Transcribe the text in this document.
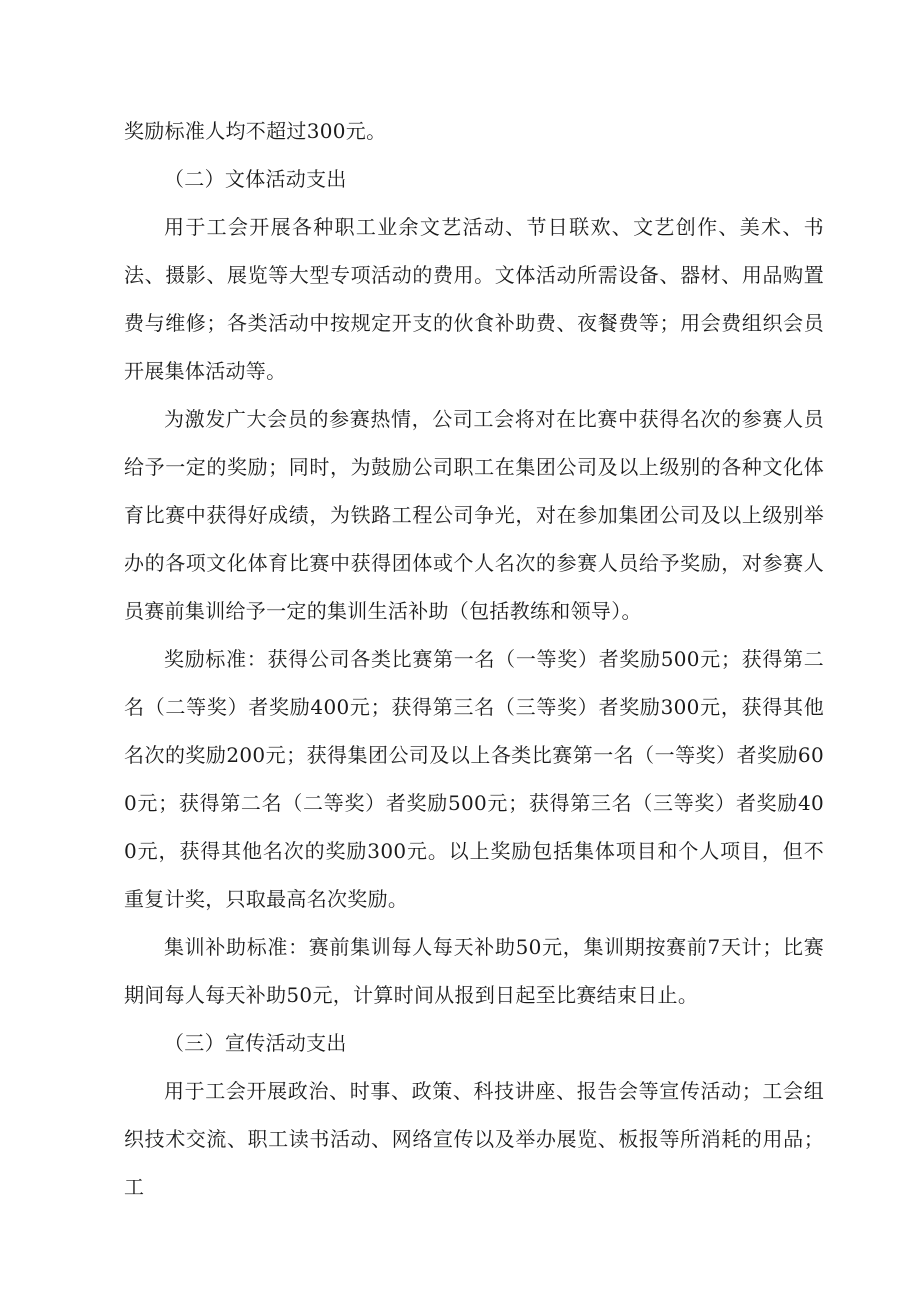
奖励标准人均不超过300元。

（二）文体活动支出

用于工会开展各种职工业余文艺活动、节日联欢、文艺创作、美术、书法、摄影、展览等大型专项活动的费用。文体活动所需设备、器材、用品购置费与维修；各类活动中按规定开支的伙食补助费、夜餐费等；用会费组织会员开展集体活动等。

为激发广大会员的参赛热情，公司工会将对在比赛中获得名次的参赛人员给予一定的奖励；同时，为鼓励公司职工在集团公司及以上级别的各种文化体育比赛中获得好成绩，为铁路工程公司争光，对在参加集团公司及以上级别举办的各项文化体育比赛中获得团体或个人名次的参赛人员给予奖励，对参赛人员赛前集训给予一定的集训生活补助（包括教练和领导）。

奖励标准：获得公司各类比赛第一名（一等奖）者奖励500元；获得第二名（二等奖）者奖励400元；获得第三名（三等奖）者奖励300元，获得其他名次的奖励200元；获得集团公司及以上各类比赛第一名（一等奖）者奖励600元；获得第二名（二等奖）者奖励500元；获得第三名（三等奖）者奖励400元，获得其他名次的奖励300元。以上奖励包括集体项目和个人项目，但不重复计奖，只取最高名次奖励。

集训补助标准：赛前集训每人每天补助50元，集训期按赛前7天计；比赛期间每人每天补助50元，计算时间从报到日起至比赛结束日止。

（三）宣传活动支出

用于工会开展政治、时事、政策、科技讲座、报告会等宣传活动；工会组织技术交流、职工读书活动、网络宣传以及举办展览、板报等所消耗的用品；工
